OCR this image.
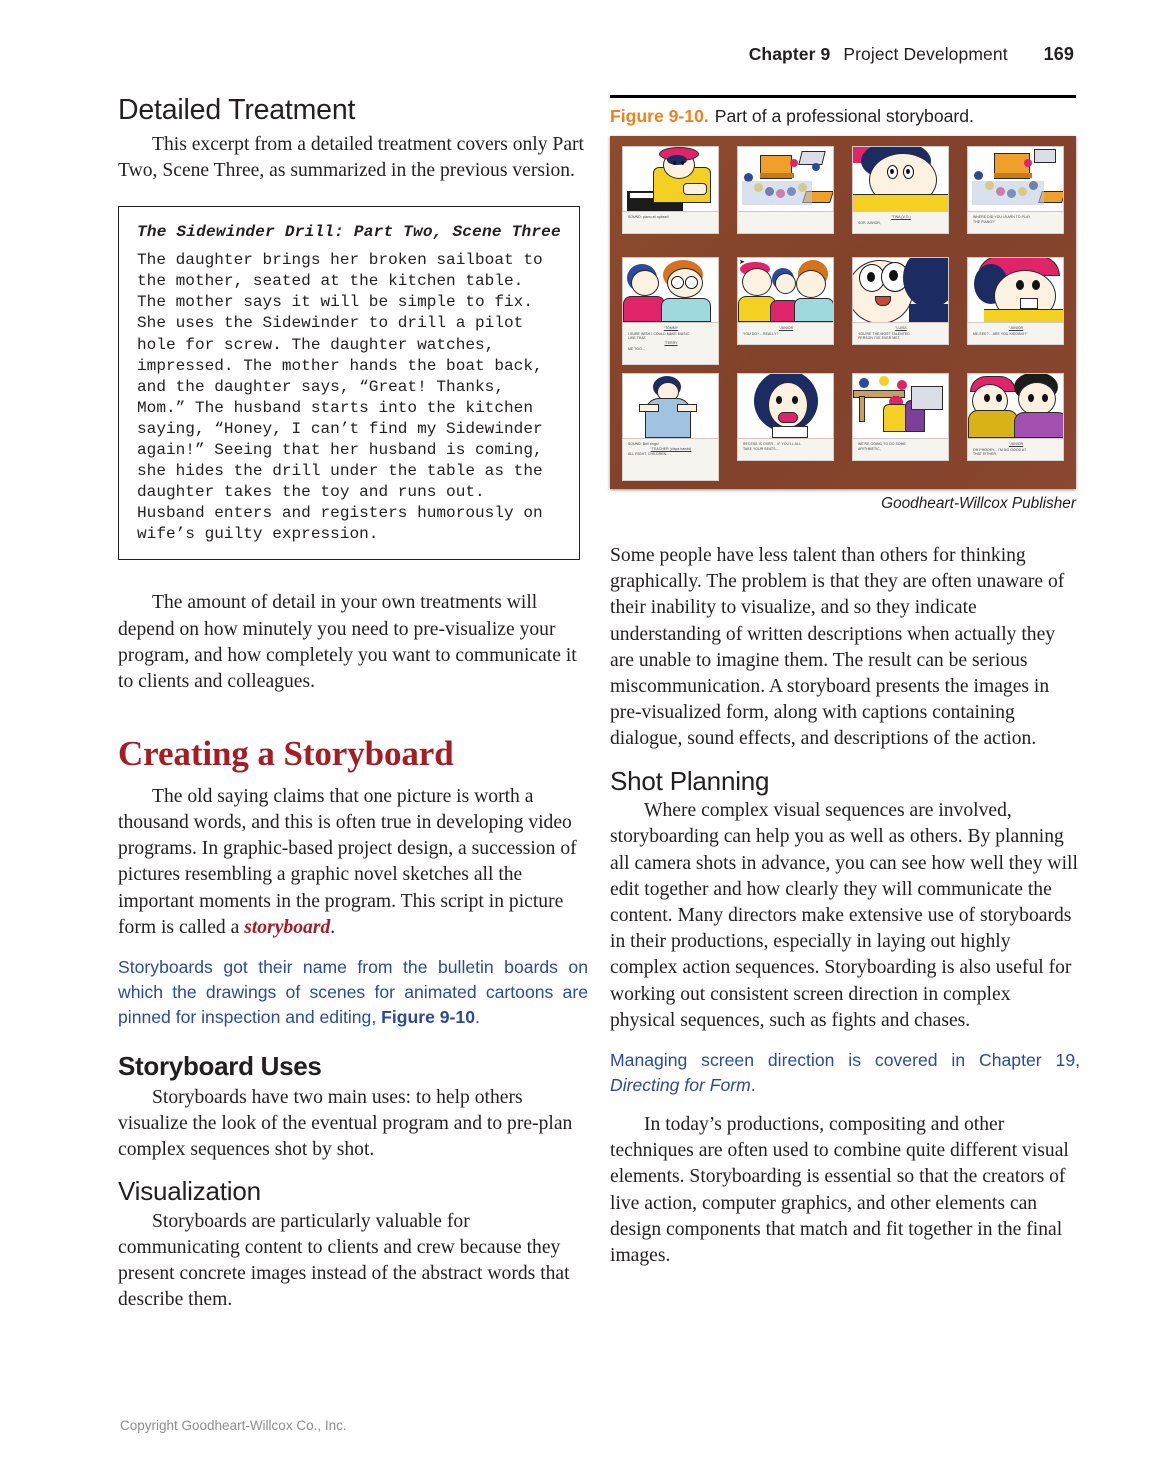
Chapter 9 Project Development 169
Detailed Treatment

This excerpt from a detailed treatment covers only Part Two, Scene Three, as summarized in the previous version.

The Sidewinder Drill: Part Two, Scene Three
The daughter brings her broken sailboat to the mother, seated at the kitchen table. The mother says it will be simple to fix. She uses the Sidewinder to drill a pilot hole for screw. The daughter watches, impressed. The mother hands the boat back, and the daughter says, “Great! Thanks, Mom.” The husband starts into the kitchen saying, “Honey, I can’t find my Sidewinder again!” Seeing that her husband is coming, she hides the drill under the table as the daughter takes the toy and runs out. Husband enters and registers humorously on wife’s guilty expression.

The amount of detail in your own treatments will depend on how minutely you need to pre-visualize your program, and how completely you want to communicate it to clients and colleagues.

Creating a Storyboard

The old saying claims that one picture is worth a thousand words, and this is often true in developing video programs. In graphic-based project design, a succession of pictures resembling a graphic novel sketches all the important moments in the program. This script in picture form is called a storyboard.

Storyboards got their name from the bulletin boards on which the drawings of scenes for animated cartoons are pinned for inspection and editing, Figure 9-10.

Storyboard Uses

Storyboards have two main uses: to help others visualize the look of the eventual program and to pre-plan complex sequences shot by shot.

Visualization

Storyboards are particularly valuable for communicating content to clients and crew because they present concrete images instead of the abstract words that describe them.

Figure 9-10. Part of a professional storyboard.

SOUND: piano at upbeat!	“TINA (V.O.)
SOR JUNIOR,
WHERE DID YOU LEARN TO PLAY
THE PIANO?”
“TOMMY
I SURE WISH I COULD MAKE MUSIC
LIKE THAT.
“TERRY
ME TOO...
➤
“JUNIOR
YOU DO?... REALLY?
“LUISA
YOU’RE THE MOST TALENTED
PERSON I’VE EVER MET,
“JUNIOR
ME-EEE?... ARE YOU KIDDING?”
SOUND: Bell rings!
“TEACHER (claps hands)
ALL RIGHT, CHILDREN...
RECESS IS OVER... IF YOU’LL ALL
TAKE YOUR SEATS...
WE’RE GOING TO DO SOME
ARITHMETIC,
“JUNIOR
OH PHOOEY... I’M NO GOOD AT
THAT EITHER,

Goodheart-Willcox Publisher

Some people have less talent than others for thinking graphically. The problem is that they are often unaware of their inability to visualize, and so they indicate understanding of written descriptions when actually they are unable to imagine them. The result can be serious miscommunication. A storyboard presents the images in pre-visualized form, along with captions containing dialogue, sound effects, and descriptions of the action.

Shot Planning

Where complex visual sequences are involved, storyboarding can help you as well as others. By planning all camera shots in advance, you can see how well they will edit together and how clearly they will communicate the content. Many directors make extensive use of storyboards in their productions, especially in laying out highly complex action sequences. Storyboarding is also useful for working out consistent screen direction in complex physical sequences, such as fights and chases.

Managing screen direction is covered in Chapter 19, Directing for Form.

In today’s productions, compositing and other techniques are often used to combine quite different visual elements. Storyboarding is essential so that the creators of live action, computer graphics, and other elements can design components that match and fit together in the final images.

Copyright Goodheart-Willcox Co., Inc.
